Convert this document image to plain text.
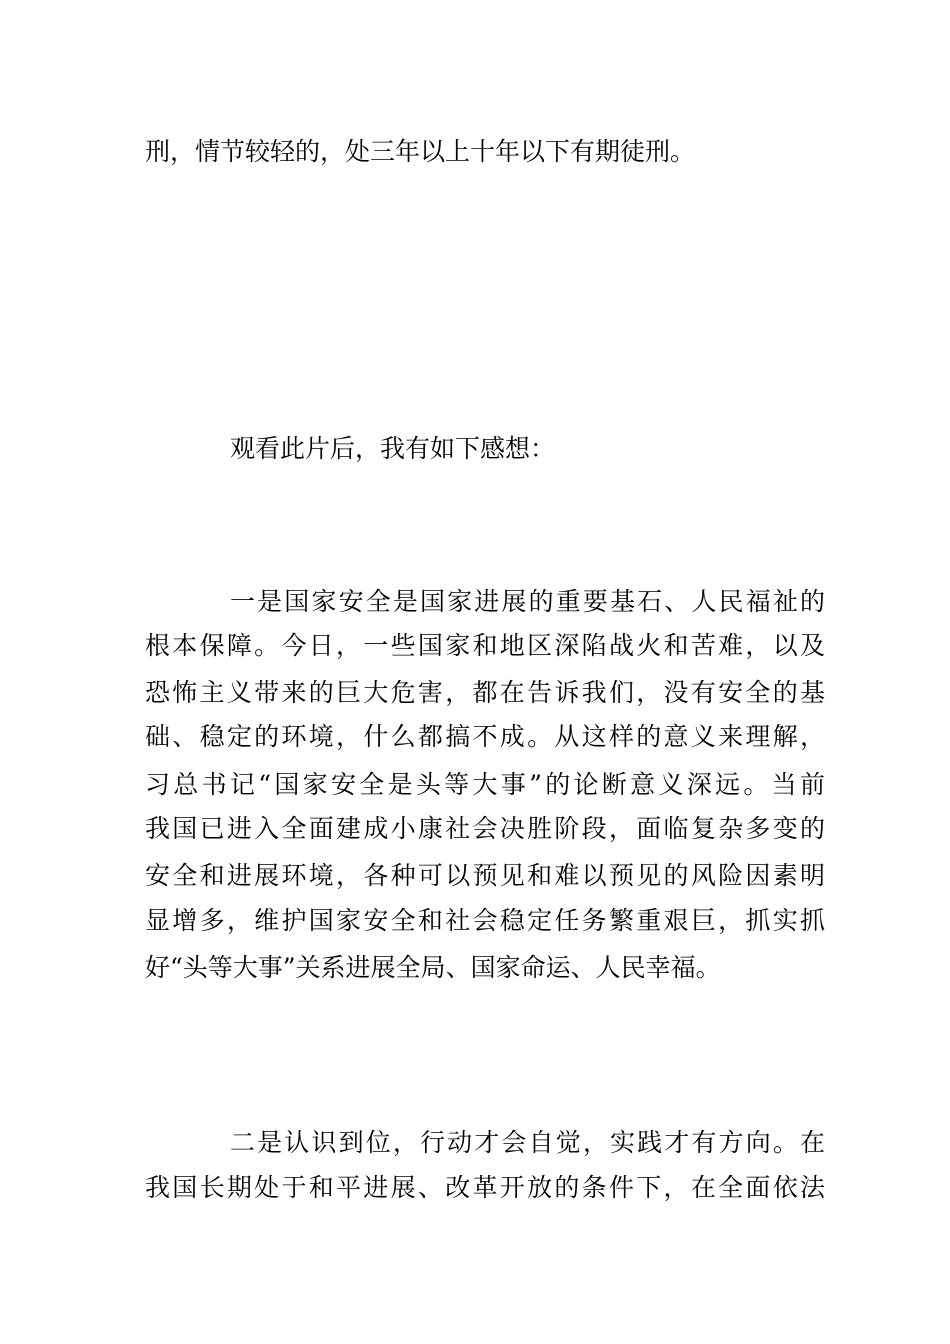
刑，情节较轻的，处三年以上十年以下有期徒刑。
观看此片后，我有如下感想：
一是国家安全是国家进展的重要基石、人民福祉的
根本保障。今日，一些国家和地区深陷战火和苦难，以及
恐怖主义带来的巨大危害，都在告诉我们，没有安全的基
础、稳定的环境，什么都搞不成。从这样的意义来理解，
习总书记“国家安全是头等大事”的论断意义深远。当前
我国已进入全面建成小康社会决胜阶段，面临复杂多变的
安全和进展环境，各种可以预见和难以预见的风险因素明
显增多，维护国家安全和社会稳定任务繁重艰巨，抓实抓
好“头等大事”关系进展全局、国家命运、人民幸福。
二是认识到位，行动才会自觉，实践才有方向。在
我国长期处于和平进展、改革开放的条件下，在全面依法
